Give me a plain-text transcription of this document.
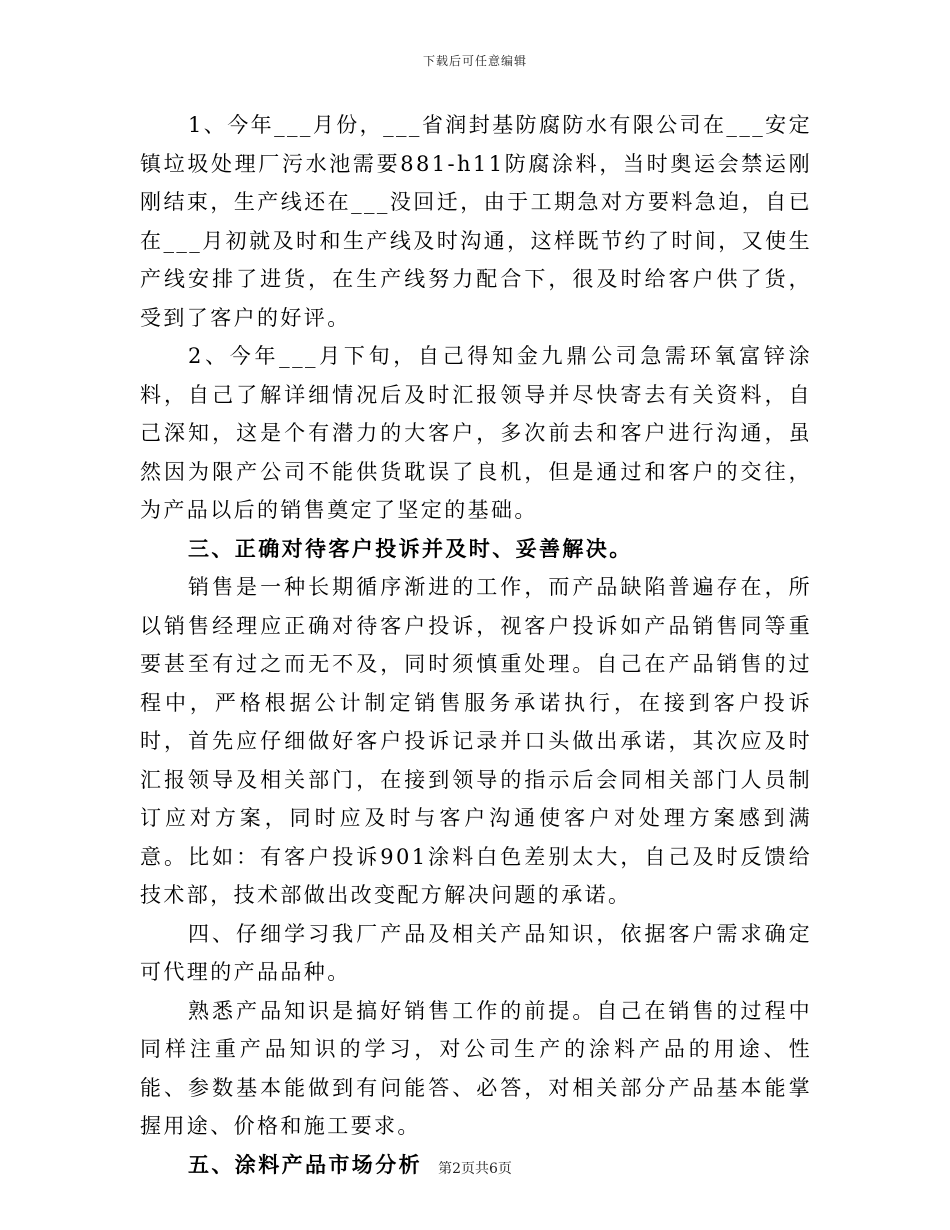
下载后可任意编辑

1、今年___月份，___省润封基防腐防水有限公司在___安定镇垃圾处理厂污水池需要881-h11防腐涂料，当时奥运会禁运刚刚结束，生产线还在___没回迁，由于工期急对方要料急迫，自已在___月初就及时和生产线及时沟通，这样既节约了时间，又使生产线安排了进货，在生产线努力配合下，很及时给客户供了货，受到了客户的好评。

2、今年___月下旬，自己得知金九鼎公司急需环氧富锌涂料，自己了解详细情况后及时汇报领导并尽快寄去有关资料，自己深知，这是个有潜力的大客户，多次前去和客户进行沟通，虽然因为限产公司不能供货耽误了良机，但是通过和客户的交往，为产品以后的销售奠定了坚定的基础。

三、正确对待客户投诉并及时、妥善解决。

销售是一种长期循序渐进的工作，而产品缺陷普遍存在，所以销售经理应正确对待客户投诉，视客户投诉如产品销售同等重要甚至有过之而无不及，同时须慎重处理。自己在产品销售的过程中，严格根据公计制定销售服务承诺执行，在接到客户投诉时，首先应仔细做好客户投诉记录并口头做出承诺，其次应及时汇报领导及相关部门，在接到领导的指示后会同相关部门人员制订应对方案，同时应及时与客户沟通使客户对处理方案感到满意。比如：有客户投诉901涂料白色差别太大，自己及时反馈给技术部，技术部做出改变配方解决问题的承诺。

四、仔细学习我厂产品及相关产品知识，依据客户需求确定可代理的产品品种。

熟悉产品知识是搞好销售工作的前提。自己在销售的过程中同样注重产品知识的学习，对公司生产的涂料产品的用途、性能、参数基本能做到有问能答、必答，对相关部分产品基本能掌握用途、价格和施工要求。

五、涂料产品市场分析	第2页共6页
